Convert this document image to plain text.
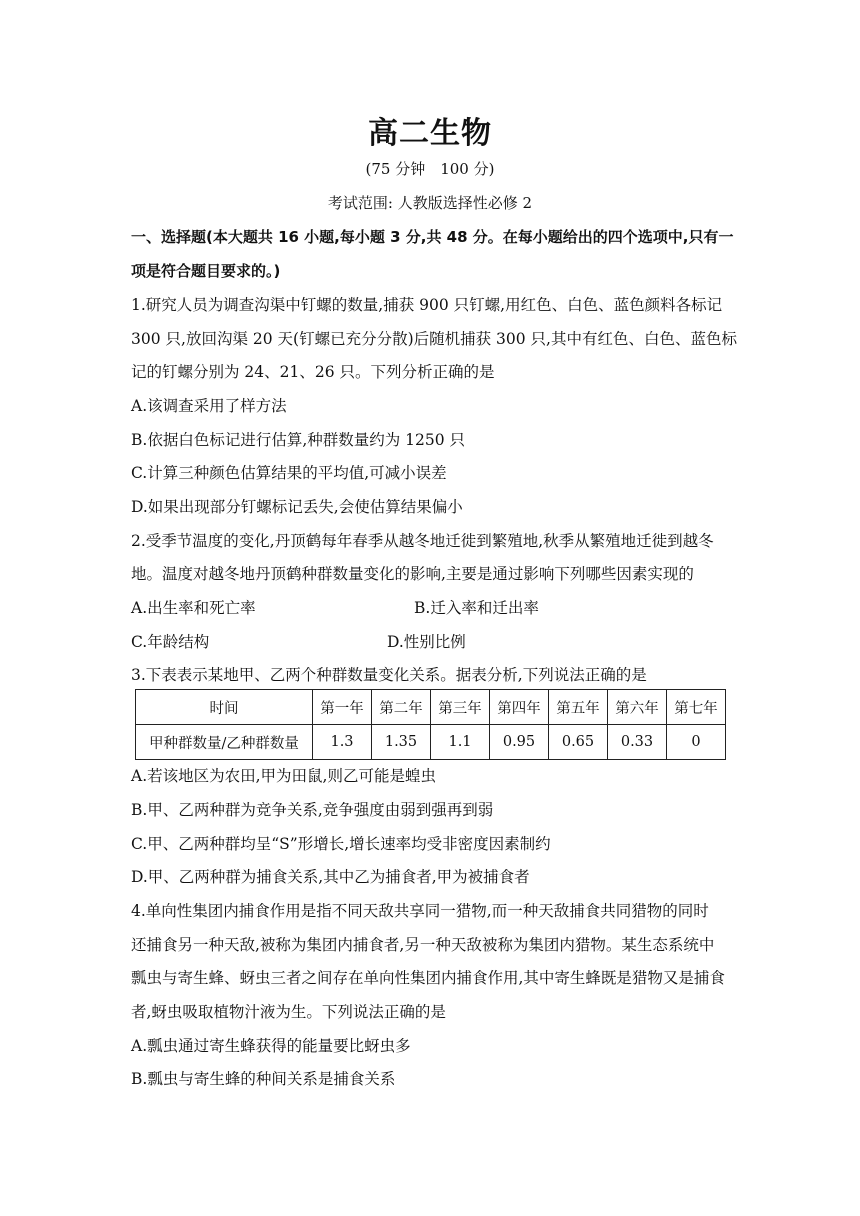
高二生物
(75 分钟　100 分)
考试范围: 人教版选择性必修 2
一、选择题(本大题共 16 小题,每小题 3 分,共 48 分。在每小题给出的四个选项中,只有一
项是符合题目要求的。)
1.研究人员为调查沟渠中钉螺的数量,捕获 900 只钉螺,用红色、白色、蓝色颜料各标记
300 只,放回沟渠 20 天(钉螺已充分分散)后随机捕获 300 只,其中有红色、白色、蓝色标
记的钉螺分别为 24、21、26 只。下列分析正确的是
A.该调查采用了样方法
B.依据白色标记进行估算,种群数量约为 1250 只
C.计算三种颜色估算结果的平均值,可减小误差
D.如果出现部分钉螺标记丢失,会使估算结果偏小
2.受季节温度的变化,丹顶鹤每年春季从越冬地迁徙到繁殖地,秋季从繁殖地迁徙到越冬
地。温度对越冬地丹顶鹤种群数量变化的影响,主要是通过影响下列哪些因素实现的
A.出生率和死亡率	B.迁入率和迁出率
C.年龄结构	D.性别比例
3.下表表示某地甲、乙两个种群数量变化关系。据表分析,下列说法正确的是
时间	第一年	第二年	第三年	第四年	第五年	第六年	第七年
甲种群数量/乙种群数量	1.3	1.35	1.1	0.95	0.65	0.33	0
A.若该地区为农田,甲为田鼠,则乙可能是蝗虫
B.甲、乙两种群为竞争关系,竞争强度由弱到强再到弱
C.甲、乙两种群均呈“S”形增长,增长速率均受非密度因素制约
D.甲、乙两种群为捕食关系,其中乙为捕食者,甲为被捕食者
4.单向性集团内捕食作用是指不同天敌共享同一猎物,而一种天敌捕食共同猎物的同时
还捕食另一种天敌,被称为集团内捕食者,另一种天敌被称为集团内猎物。某生态系统中
瓢虫与寄生蜂、蚜虫三者之间存在单向性集团内捕食作用,其中寄生蜂既是猎物又是捕食
者,蚜虫吸取植物汁液为生。下列说法正确的是
A.瓢虫通过寄生蜂获得的能量要比蚜虫多
B.瓢虫与寄生蜂的种间关系是捕食关系
